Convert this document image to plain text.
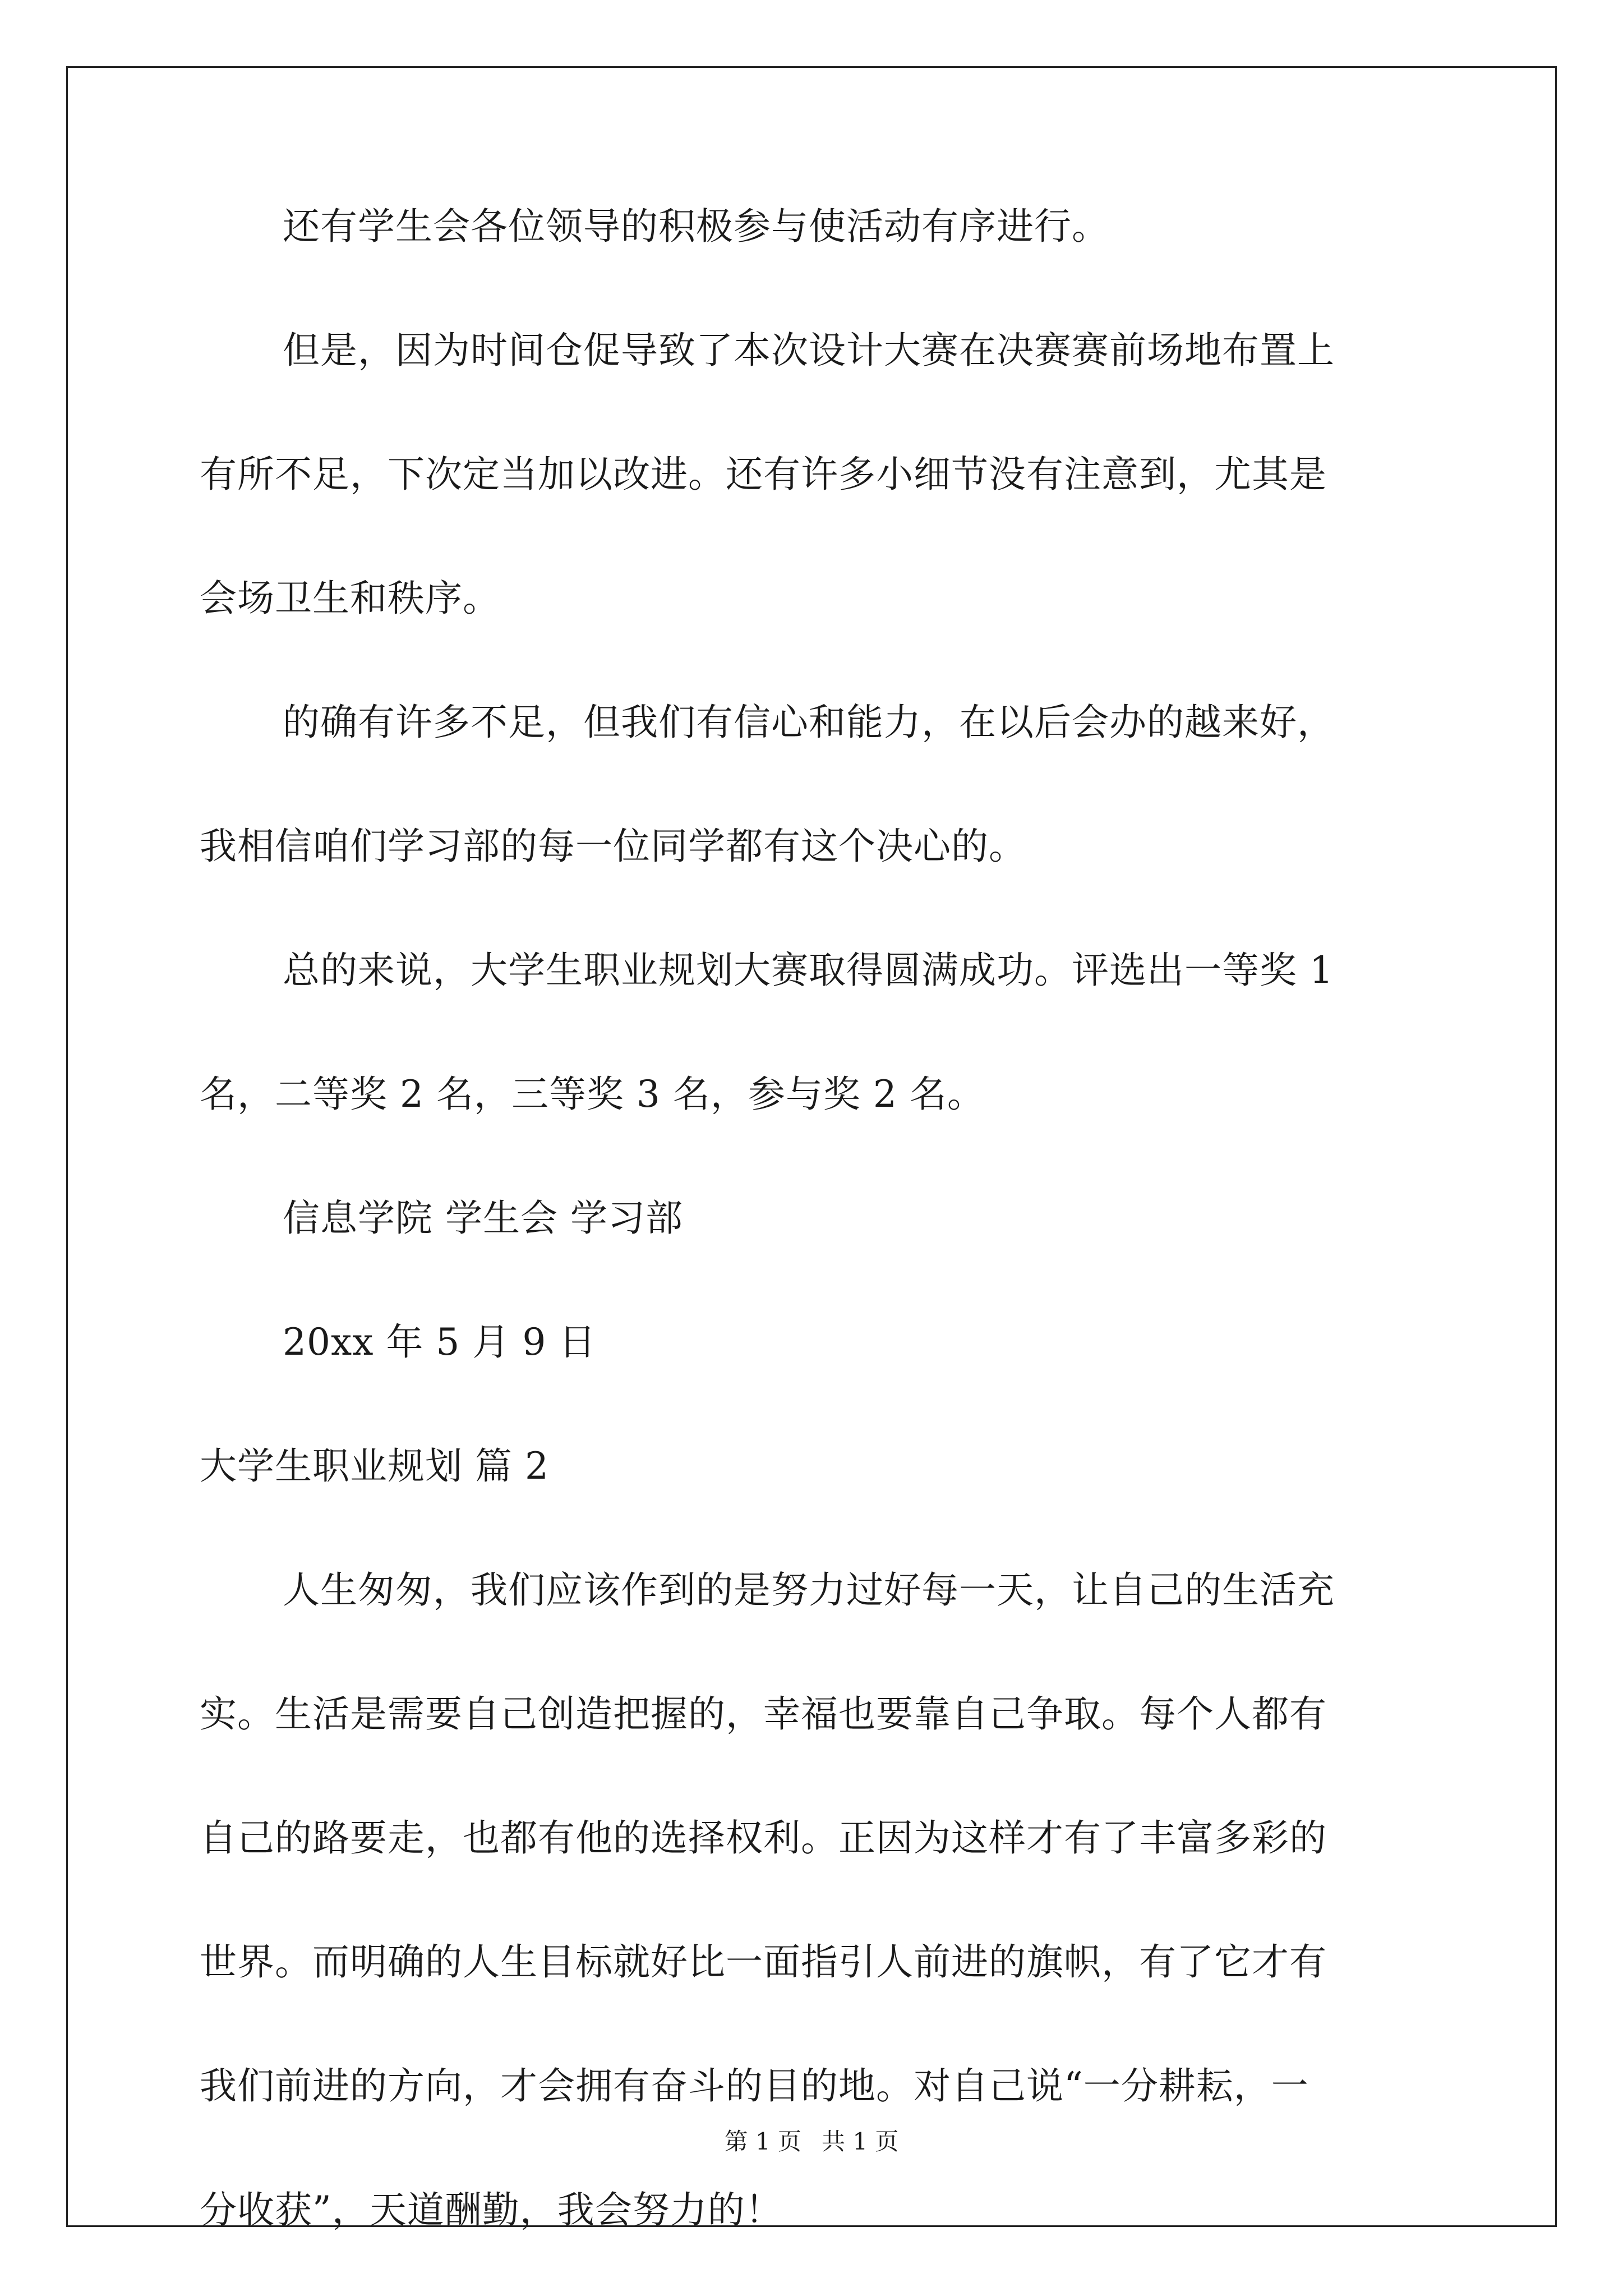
还有学生会各位领导的积极参与使活动有序进行。
但是，因为时间仓促导致了本次设计大赛在决赛赛前场地布置上
有所不足，下次定当加以改进。还有许多小细节没有注意到，尤其是
会场卫生和秩序。
的确有许多不足，但我们有信心和能力，在以后会办的越来好，
我相信咱们学习部的每一位同学都有这个决心的。
总的来说，大学生职业规划大赛取得圆满成功。评选出一等奖 1
名，二等奖 2 名，三等奖 3 名，参与奖 2 名。
信息学院 学生会 学习部
20xx 年 5 月 9 日
大学生职业规划 篇 2
人生匆匆，我们应该作到的是努力过好每一天，让自己的生活充
实。生活是需要自己创造把握的，幸福也要靠自己争取。每个人都有
自己的路要走，也都有他的选择权利。正因为这样才有了丰富多彩的
世界。而明确的人生目标就好比一面指引人前进的旗帜，有了它才有
我们前进的方向，才会拥有奋斗的目的地。对自己说“一分耕耘，一
分收获”，天道酬勤，我会努力的！
第 1 页 共 1 页
